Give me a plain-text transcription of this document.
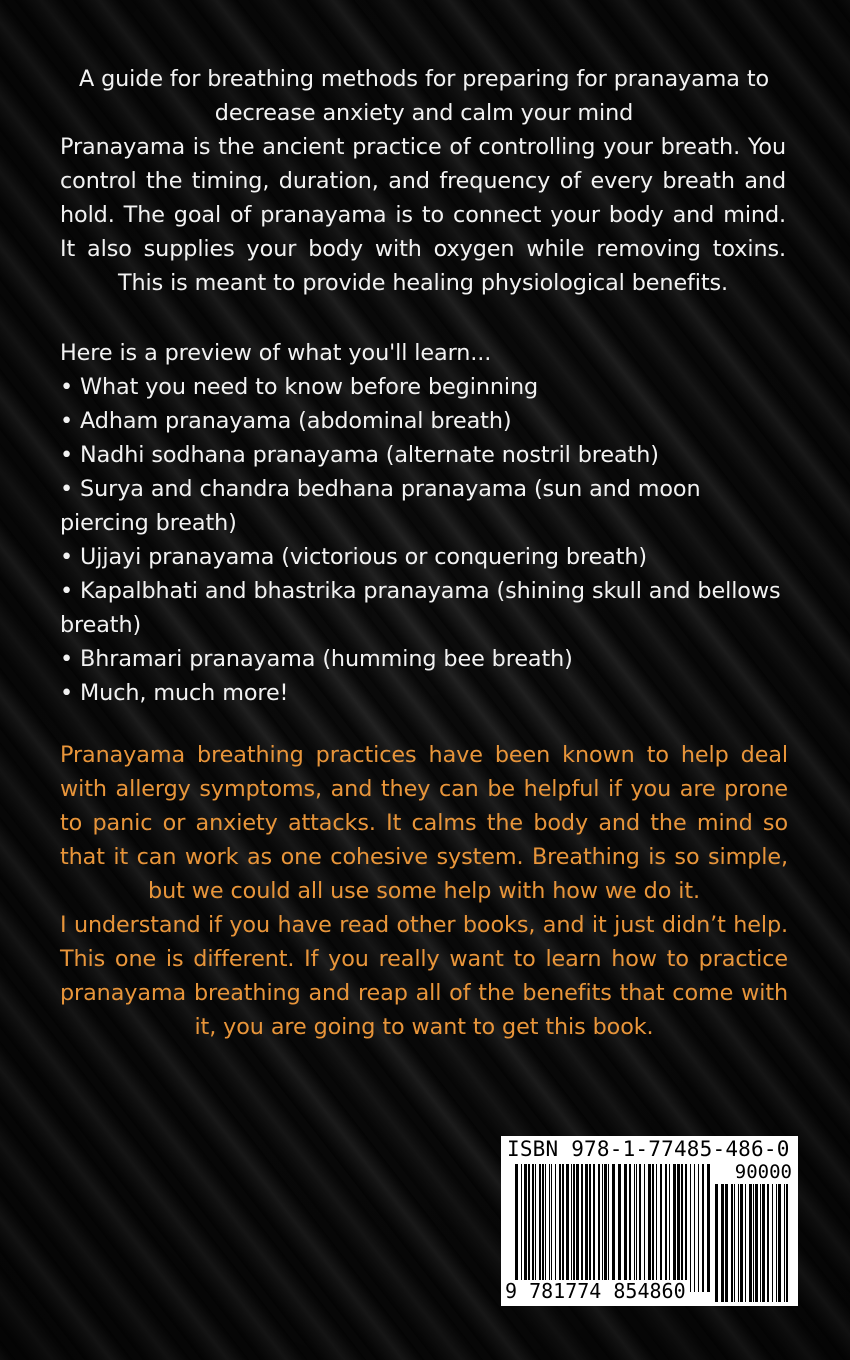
A guide for breathing methods for preparing for pranayama to decrease anxiety and calm your mind

Pranayama is the ancient practice of controlling your breath. You control the timing, duration, and frequency of every breath and hold. The goal of pranayama is to connect your body and mind. It also supplies your body with oxygen while removing toxins. This is meant to provide healing physiological benefits.

Here is a preview of what you'll learn...

• What you need to know before beginning

• Adham pranayama (abdominal breath)

• Nadhi sodhana pranayama (alternate nostril breath)

• Surya and chandra bedhana pranayama (sun and moon piercing breath)

• Ujjayi pranayama (victorious or conquering breath)

• Kapalbhati and bhastrika pranayama (shining skull and bellows breath)

• Bhramari pranayama (humming bee breath)

• Much, much more!

Pranayama breathing practices have been known to help deal with allergy symptoms, and they can be helpful if you are prone to panic or anxiety attacks. It calms the body and the mind so that it can work as one cohesive system. Breathing is so simple, but we could all use some help with how we do it.

I understand if you have read other books, and it just didn’t help. This one is different. If you really want to learn how to practice pranayama breathing and reap all of the benefits that come with it, you are going to want to get this book.

ISBN 978-1-77485-486-0
90000
9 781774 854860
